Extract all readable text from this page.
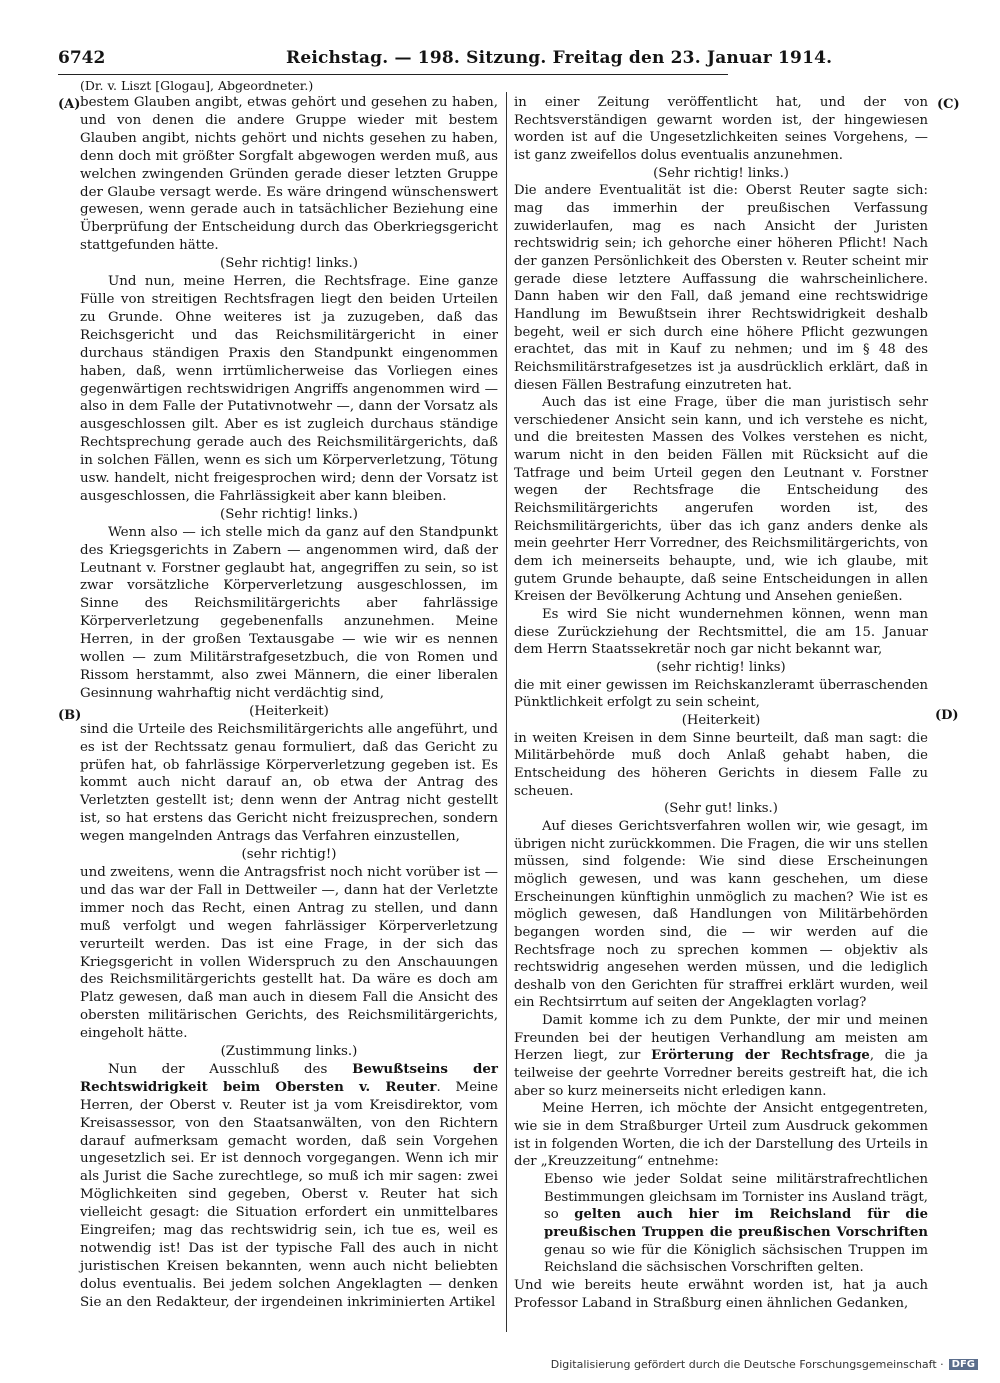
6742	Reichstag. — 198. Sitzung. Freitag den 23. Januar 1914.
(Dr. v. Liszt [Glogau], Abgeordneter.)
(A)
(B)
(C)
(D)

bestem Glauben angibt, etwas gehört und gesehen zu haben, und von denen die andere Gruppe wieder mit bestem Glauben angibt, nichts gehört und nichts gesehen zu haben, denn doch mit größter Sorgfalt abgewogen werden muß, aus welchen zwingenden Gründen gerade dieser letzten Gruppe der Glaube versagt werde. Es wäre dringend wünschenswert gewesen, wenn gerade auch in tatsächlicher Beziehung eine Überprüfung der Entscheidung durch das Oberkriegsgericht stattgefunden hätte.

(Sehr richtig! links.)

Und nun, meine Herren, die Rechtsfrage. Eine ganze Fülle von streitigen Rechtsfragen liegt den beiden Urteilen zu Grunde. Ohne weiteres ist ja zuzugeben, daß das Reichsgericht und das Reichsmilitärgericht in einer durchaus ständigen Praxis den Standpunkt eingenommen haben, daß, wenn irrtümlicherweise das Vorliegen eines gegenwärtigen rechtswidrigen Angriffs angenommen wird — also in dem Falle der Putativnotwehr —, dann der Vorsatz als ausgeschlossen gilt. Aber es ist zugleich durchaus ständige Rechtsprechung gerade auch des Reichsmilitärgerichts, daß in solchen Fällen, wenn es sich um Körperverletzung, Tötung usw. handelt, nicht freigesprochen wird; denn der Vorsatz ist ausgeschlossen, die Fahrlässigkeit aber kann bleiben.

(Sehr richtig! links.)

Wenn also — ich stelle mich da ganz auf den Standpunkt des Kriegsgerichts in Zabern — angenommen wird, daß der Leutnant v. Forstner geglaubt hat, angegriffen zu sein, so ist zwar vorsätzliche Körperverletzung ausgeschlossen, im Sinne des Reichsmilitärgerichts aber fahrlässige Körperverletzung gegebenenfalls anzunehmen. Meine Herren, in der großen Textausgabe — wie wir es nennen wollen — zum Militärstrafgesetzbuch, die von Romen und Rissom herstammt, also zwei Männern, die einer liberalen Gesinnung wahrhaftig nicht verdächtig sind,

(Heiterkeit)

sind die Urteile des Reichsmilitärgerichts alle angeführt, und es ist der Rechtssatz genau formuliert, daß das Gericht zu prüfen hat, ob fahrlässige Körperverletzung gegeben ist. Es kommt auch nicht darauf an, ob etwa der Antrag des Verletzten gestellt ist; denn wenn der Antrag nicht gestellt ist, so hat erstens das Gericht nicht freizusprechen, sondern wegen mangelnden Antrags das Verfahren einzustellen,

(sehr richtig!)

und zweitens, wenn die Antragsfrist noch nicht vorüber ist — und das war der Fall in Dettweiler —, dann hat der Verletzte immer noch das Recht, einen Antrag zu stellen, und dann muß verfolgt und wegen fahrlässiger Körperverletzung verurteilt werden. Das ist eine Frage, in der sich das Kriegsgericht in vollen Widerspruch zu den Anschauungen des Reichsmilitärgerichts gestellt hat. Da wäre es doch am Platz gewesen, daß man auch in diesem Fall die Ansicht des obersten militärischen Gerichts, des Reichsmilitärgerichts, eingeholt hätte.

(Zustimmung links.)

Nun der Ausschluß des Bewußtseins der Rechtswidrigkeit beim Obersten v. Reuter. Meine Herren, der Oberst v. Reuter ist ja vom Kreisdirektor, vom Kreisassessor, von den Staatsanwälten, von den Richtern darauf aufmerksam gemacht worden, daß sein Vorgehen ungesetzlich sei. Er ist dennoch vorgegangen. Wenn ich mir als Jurist die Sache zurechtlege, so muß ich mir sagen: zwei Möglichkeiten sind gegeben, Oberst v. Reuter hat sich vielleicht gesagt: die Situation erfordert ein unmittelbares Eingreifen; mag das rechtswidrig sein, ich tue es, weil es notwendig ist! Das ist der typische Fall des auch in nicht juristischen Kreisen bekannten, wenn auch nicht beliebten dolus eventualis. Bei jedem solchen Angeklagten — denken Sie an den Redakteur, der irgendeinen inkriminierten Artikel

in einer Zeitung veröffentlicht hat, und der von Rechtsverständigen gewarnt worden ist, der hingewiesen worden ist auf die Ungesetzlichkeiten seines Vorgehens, — ist ganz zweifellos dolus eventualis anzunehmen.

(Sehr richtig! links.)

Die andere Eventualität ist die: Oberst Reuter sagte sich: mag das immerhin der preußischen Verfassung zuwiderlaufen, mag es nach Ansicht der Juristen rechtswidrig sein; ich gehorche einer höheren Pflicht! Nach der ganzen Persönlichkeit des Obersten v. Reuter scheint mir gerade diese letztere Auffassung die wahrscheinlichere. Dann haben wir den Fall, daß jemand eine rechtswidrige Handlung im Bewußtsein ihrer Rechtswidrigkeit deshalb begeht, weil er sich durch eine höhere Pflicht gezwungen erachtet, das mit in Kauf zu nehmen; und im § 48 des Reichsmilitärstrafgesetzes ist ja ausdrücklich erklärt, daß in diesen Fällen Bestrafung einzutreten hat.

Auch das ist eine Frage, über die man juristisch sehr verschiedener Ansicht sein kann, und ich verstehe es nicht, und die breitesten Massen des Volkes verstehen es nicht, warum nicht in den beiden Fällen mit Rücksicht auf die Tatfrage und beim Urteil gegen den Leutnant v. Forstner wegen der Rechtsfrage die Entscheidung des Reichsmilitärgerichts angerufen worden ist, des Reichsmilitärgerichts, über das ich ganz anders denke als mein geehrter Herr Vorredner, des Reichsmilitärgerichts, von dem ich meinerseits behaupte, und, wie ich glaube, mit gutem Grunde behaupte, daß seine Entscheidungen in allen Kreisen der Bevölkerung Achtung und Ansehen genießen.

Es wird Sie nicht wundernehmen können, wenn man diese Zurückziehung der Rechtsmittel, die am 15. Januar dem Herrn Staatssekretär noch gar nicht bekannt war,

(sehr richtig! links)

die mit einer gewissen im Reichskanzleramt überraschenden Pünktlichkeit erfolgt zu sein scheint,

(Heiterkeit)

in weiten Kreisen in dem Sinne beurteilt, daß man sagt: die Militärbehörde muß doch Anlaß gehabt haben, die Entscheidung des höheren Gerichts in diesem Falle zu scheuen.

(Sehr gut! links.)

Auf dieses Gerichtsverfahren wollen wir, wie gesagt, im übrigen nicht zurückkommen. Die Fragen, die wir uns stellen müssen, sind folgende: Wie sind diese Erscheinungen möglich gewesen, und was kann geschehen, um diese Erscheinungen künftighin unmöglich zu machen? Wie ist es möglich gewesen, daß Handlungen von Militärbehörden begangen worden sind, die — wir werden auf die Rechtsfrage noch zu sprechen kommen — objektiv als rechtswidrig angesehen werden müssen, und die lediglich deshalb von den Gerichten für straffrei erklärt wurden, weil ein Rechtsirrtum auf seiten der Angeklagten vorlag?

Damit komme ich zu dem Punkte, der mir und meinen Freunden bei der heutigen Verhandlung am meisten am Herzen liegt, zur Erörterung der Rechtsfrage, die ja teilweise der geehrte Vorredner bereits gestreift hat, die ich aber so kurz meinerseits nicht erledigen kann.

Meine Herren, ich möchte der Ansicht entgegentreten, wie sie in dem Straßburger Urteil zum Ausdruck gekommen ist in folgenden Worten, die ich der Darstellung des Urteils in der „Kreuzzeitung“ entnehme:

Ebenso wie jeder Soldat seine militärstrafrechtlichen Bestimmungen gleichsam im Tornister ins Ausland trägt, so gelten auch hier im Reichsland für die preußischen Truppen die preußischen Vorschriften genau so wie für die Königlich sächsischen Truppen im Reichsland die sächsischen Vorschriften gelten.

Und wie bereits heute erwähnt worden ist, hat ja auch Professor Laband in Straßburg einen ähnlichen Gedanken,

Digitalisierung gefördert durch die Deutsche Forschungsgemeinschaft · DFG
